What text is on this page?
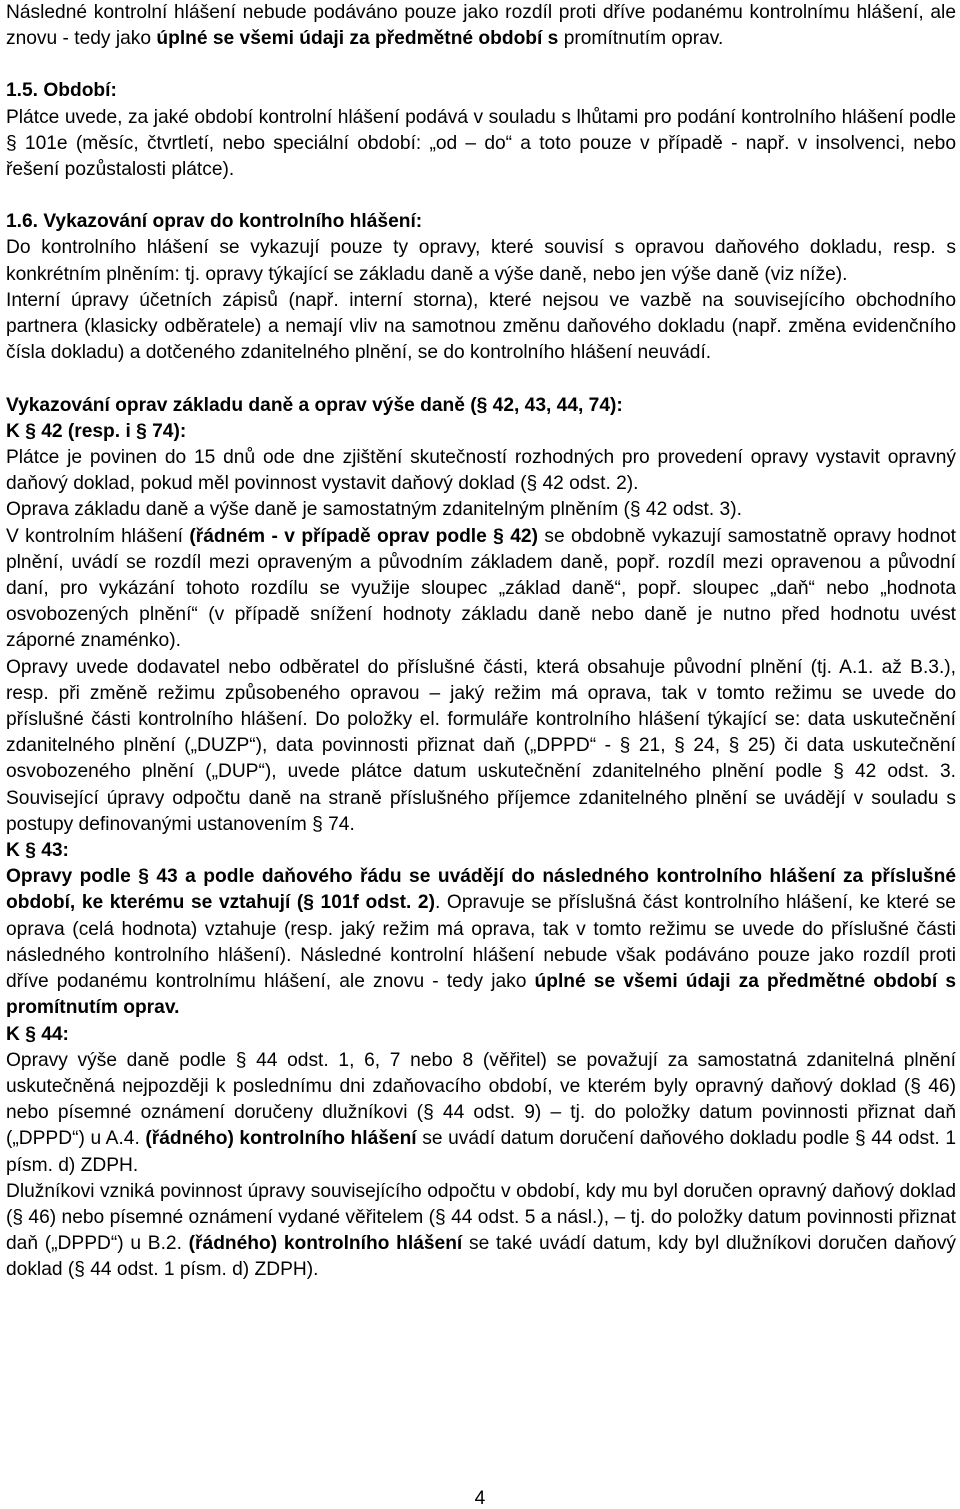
Následné kontrolní hlášení nebude podáváno pouze jako rozdíl proti dříve podanému kontrolnímu hlášení, ale znovu - tedy jako úplné se všemi údaji za předmětné období s promítnutím oprav.

1.5. Období:

Plátce uvede, za jaké období kontrolní hlášení podává v souladu s lhůtami pro podání kontrolního hlášení podle § 101e (měsíc, čtvrtletí, nebo speciální období: „od – do“ a toto pouze v případě - např. v insolvenci, nebo řešení pozůstalosti plátce).

1.6. Vykazování oprav do kontrolního hlášení:

Do kontrolního hlášení se vykazují pouze ty opravy, které souvisí s opravou daňového dokladu, resp. s konkrétním plněním: tj. opravy týkající se základu daně a výše daně, nebo jen výše daně (viz níže).

Interní úpravy účetních zápisů (např. interní storna), které nejsou ve vazbě na souvisejícího obchodního partnera (klasicky odběratele) a nemají vliv na samotnou změnu daňového dokladu (např. změna evidenčního čísla dokladu) a dotčeného zdanitelného plnění, se do kontrolního hlášení neuvádí.

Vykazování oprav základu daně a oprav výše daně (§ 42, 43, 44, 74):

K § 42 (resp. i § 74):

Plátce je povinen do 15 dnů ode dne zjištění skutečností rozhodných pro provedení opravy vystavit opravný daňový doklad, pokud měl povinnost vystavit daňový doklad (§ 42 odst. 2).

Oprava základu daně a výše daně je samostatným zdanitelným plněním (§ 42 odst. 3).

V kontrolním hlášení (řádném - v případě oprav podle § 42) se obdobně vykazují samostatně opravy hodnot plnění, uvádí se rozdíl mezi opraveným a původním základem daně, popř. rozdíl mezi opravenou a původní daní, pro vykázání tohoto rozdílu se využije sloupec „základ daně“, popř. sloupec „daň“ nebo „hodnota osvobozených plnění“ (v případě snížení hodnoty základu daně nebo daně je nutno před hodnotu uvést záporné znaménko).

Opravy uvede dodavatel nebo odběratel do příslušné části, která obsahuje původní plnění (tj. A.1. až B.3.), resp. při změně režimu způsobeného opravou – jaký režim má oprava, tak v tomto režimu se uvede do příslušné části kontrolního hlášení. Do položky el. formuláře kontrolního hlášení týkající se: data uskutečnění zdanitelného plnění („DUZP“), data povinnosti přiznat daň („DPPD“ - § 21, § 24, § 25) či data uskutečnění osvobozeného plnění („DUP“), uvede plátce datum uskutečnění zdanitelného plnění podle § 42 odst. 3. Související úpravy odpočtu daně na straně příslušného příjemce zdanitelného plnění se uvádějí v souladu s postupy definovanými ustanovením § 74.

K § 43:

Opravy podle § 43 a podle daňového řádu se uvádějí do následného kontrolního hlášení za příslušné období, ke kterému se vztahují (§ 101f odst. 2). Opravuje se příslušná část kontrolního hlášení, ke které se oprava (celá hodnota) vztahuje (resp. jaký režim má oprava, tak v tomto režimu se uvede do příslušné části následného kontrolního hlášení). Následné kontrolní hlášení nebude však podáváno pouze jako rozdíl proti dříve podanému kontrolnímu hlášení, ale znovu - tedy jako úplné se všemi údaji za předmětné období s promítnutím oprav.

K § 44:

Opravy výše daně podle § 44 odst. 1, 6, 7 nebo 8 (věřitel) se považují za samostatná zdanitelná plnění uskutečněná nejpozději k poslednímu dni zdaňovacího období, ve kterém byly opravný daňový doklad (§ 46) nebo písemné oznámení doručeny dlužníkovi (§ 44 odst. 9) – tj. do položky datum povinnosti přiznat daň („DPPD“) u A.4. (řádného) kontrolního hlášení se uvádí datum doručení daňového dokladu podle § 44 odst. 1 písm. d) ZDPH.

Dlužníkovi vzniká povinnost úpravy souvisejícího odpočtu v období, kdy mu byl doručen opravný daňový doklad (§ 46) nebo písemné oznámení vydané věřitelem (§ 44 odst. 5 a násl.), – tj. do položky datum povinnosti přiznat daň („DPPD“) u B.2. (řádného) kontrolního hlášení se také uvádí datum, kdy byl dlužníkovi doručen daňový doklad (§ 44 odst. 1 písm. d) ZDPH).

4
